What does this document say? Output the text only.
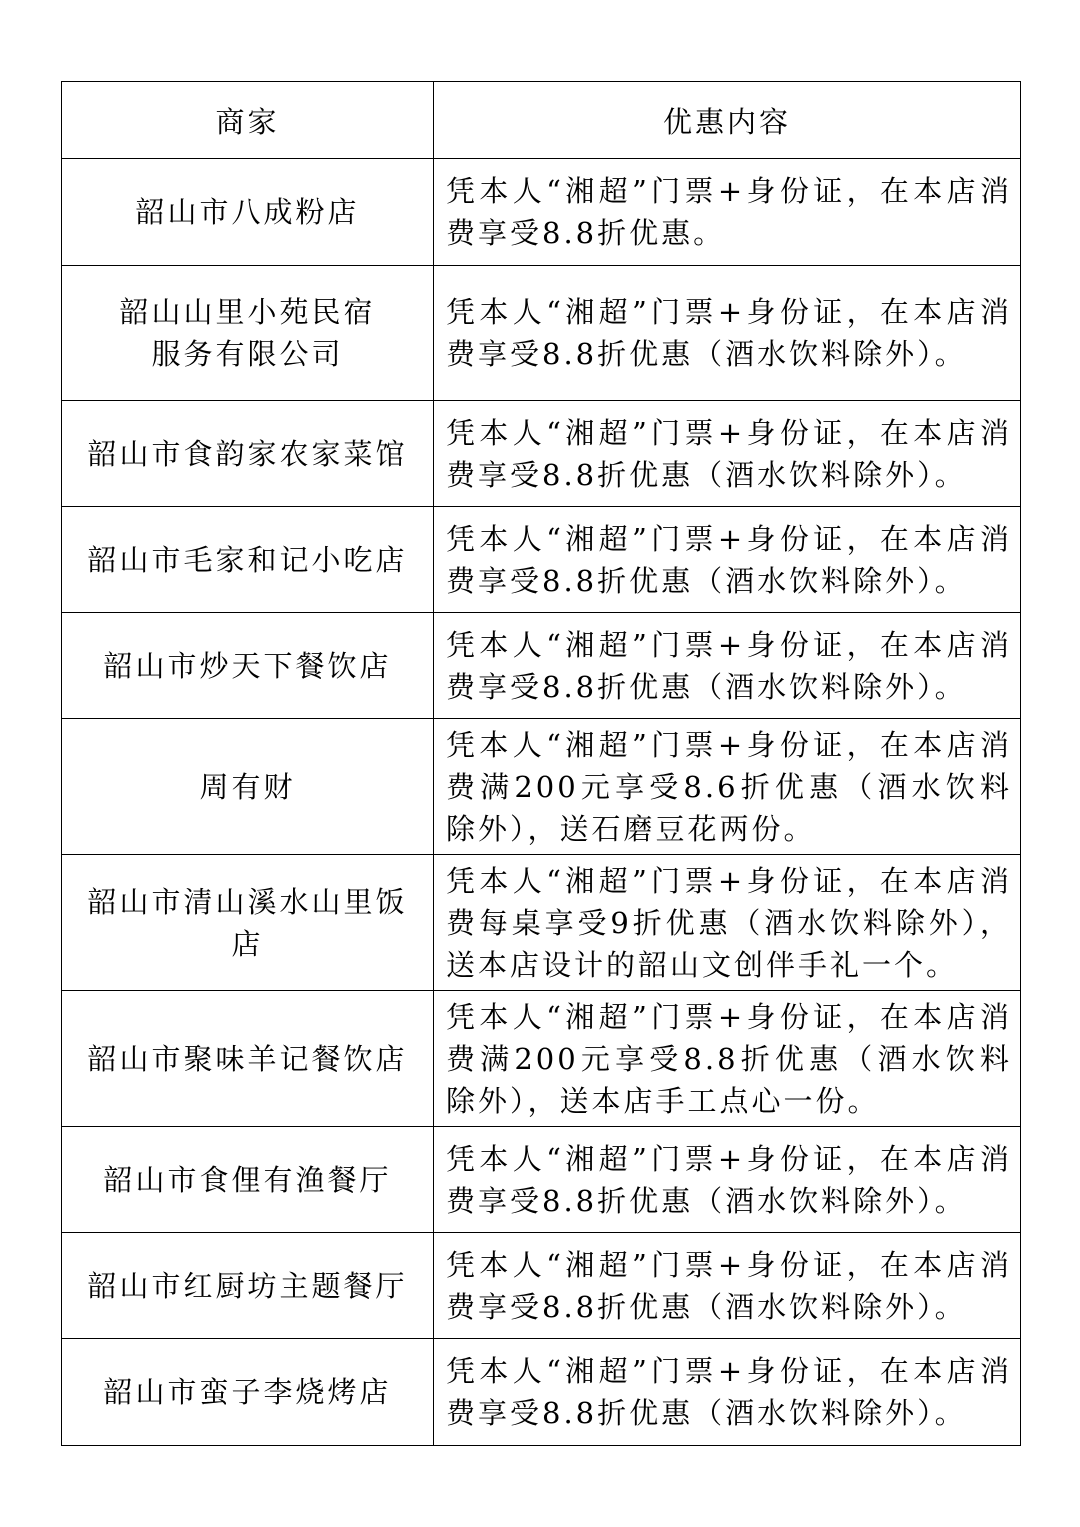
商家	优惠内容
韶山市八成粉店	凭本人“湘超”门票+身份证，在本店消费享受8.8折优惠。
韶山山里小苑民宿服务有限公司	凭本人“湘超”门票+身份证，在本店消费享受8.8折优惠（酒水饮料除外）。
韶山市食韵家农家菜馆	凭本人“湘超”门票+身份证，在本店消费享受8.8折优惠（酒水饮料除外）。
韶山市毛家和记小吃店	凭本人“湘超”门票+身份证，在本店消费享受8.8折优惠（酒水饮料除外）。
韶山市炒天下餐饮店	凭本人“湘超”门票+身份证，在本店消费享受8.8折优惠（酒水饮料除外）。
周有财	凭本人“湘超”门票+身份证，在本店消费满200元享受8.6折优惠（酒水饮料除外），送石磨豆花两份。
韶山市清山溪水山里饭店	凭本人“湘超”门票+身份证，在本店消费每桌享受9折优惠（酒水饮料除外），送本店设计的韶山文创伴手礼一个。
韶山市聚味羊记餐饮店	凭本人“湘超”门票+身份证，在本店消费满200元享受8.8折优惠（酒水饮料除外），送本店手工点心一份。
韶山市食俚有渔餐厅	凭本人“湘超”门票+身份证，在本店消费享受8.8折优惠（酒水饮料除外）。
韶山市红厨坊主题餐厅	凭本人“湘超”门票+身份证，在本店消费享受8.8折优惠（酒水饮料除外）。
韶山市蛮子李烧烤店	凭本人“湘超”门票+身份证，在本店消费享受8.8折优惠（酒水饮料除外）。
